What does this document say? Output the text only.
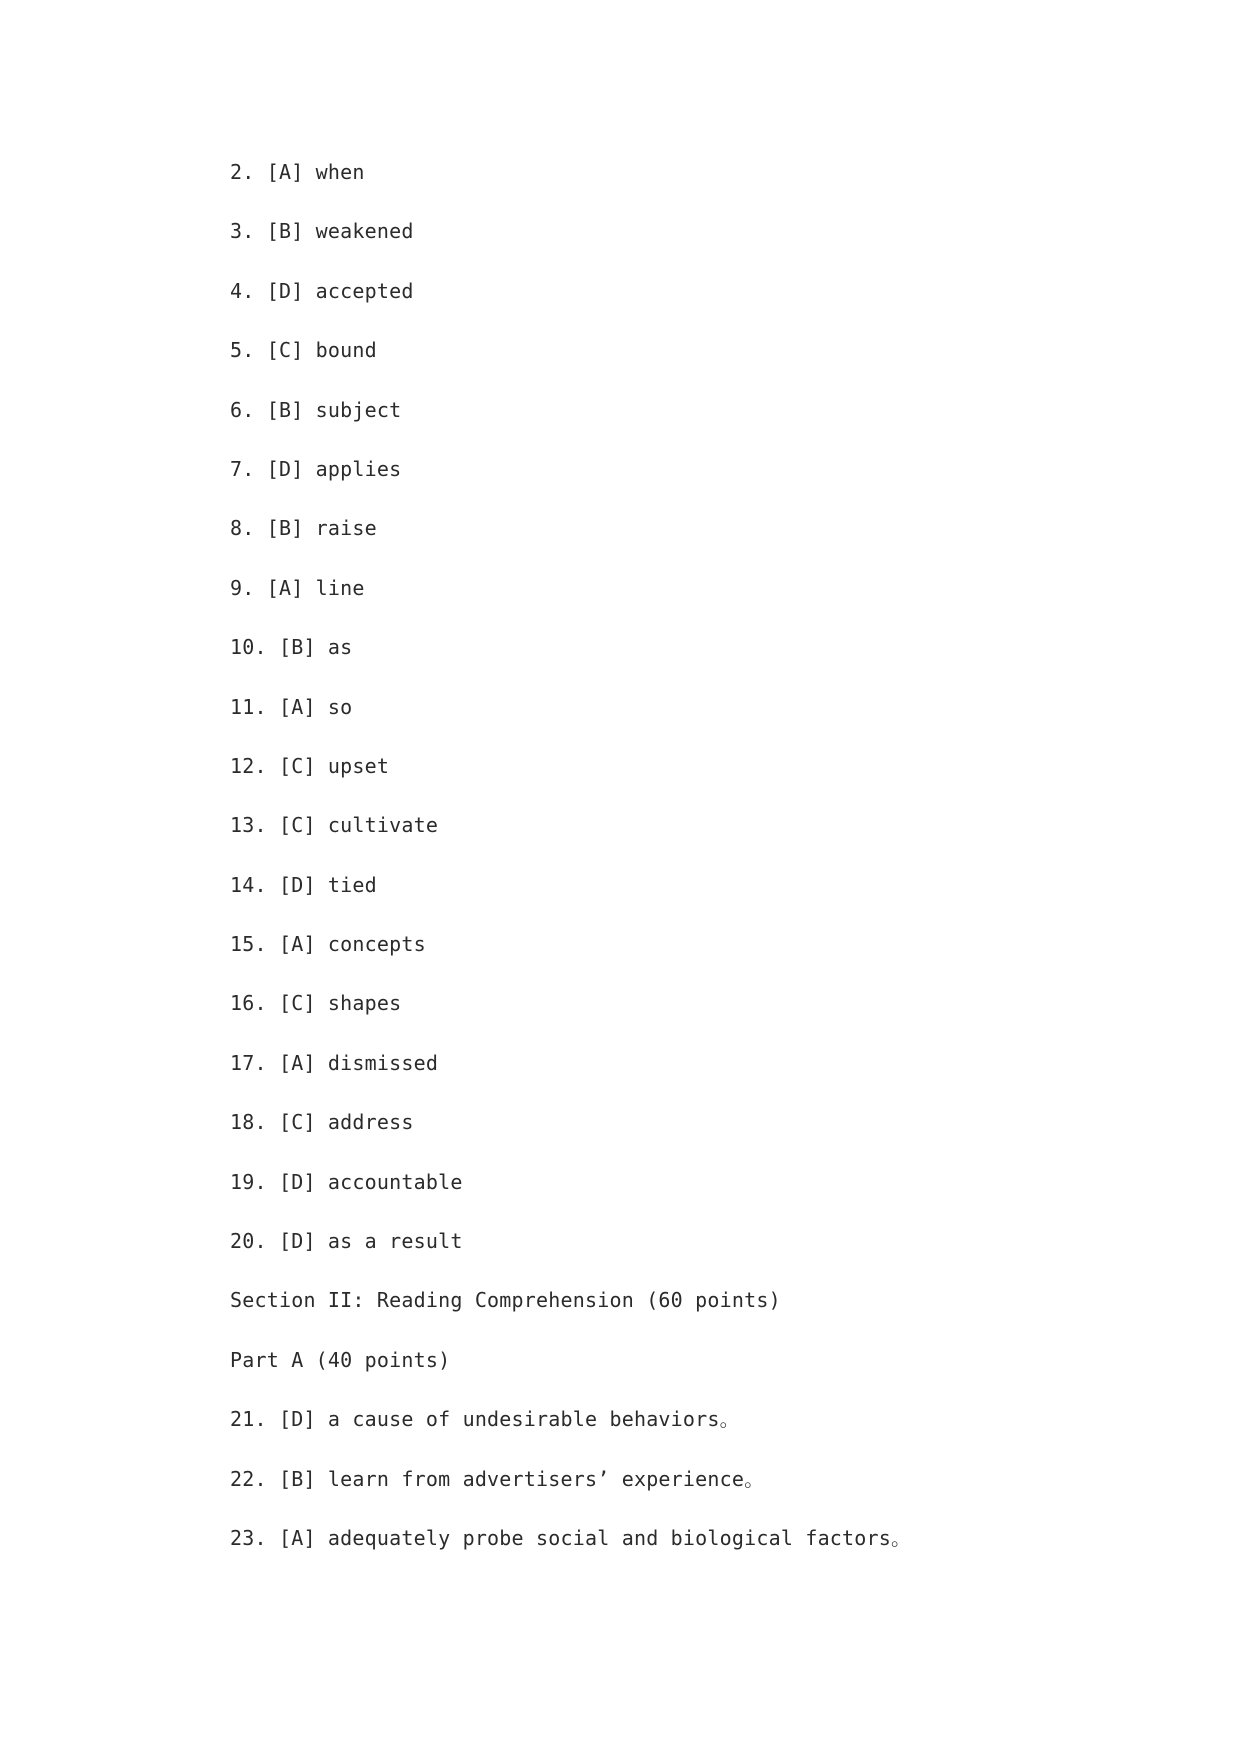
2. [A] when
3. [B] weakened
4. [D] accepted
5. [C] bound
6. [B] subject
7. [D] applies
8. [B] raise
9. [A] line
10. [B] as
11. [A] so
12. [C] upset
13. [C] cultivate
14. [D] tied
15. [A] concepts
16. [C] shapes
17. [A] dismissed
18. [C] address
19. [D] accountable
20. [D] as a result
Section II: Reading Comprehension (60 points)
Part A (40 points)
21. [D] a cause of undesirable behaviors。
22. [B] learn from advertisers’ experience。
23. [A] adequately probe social and biological factors。
